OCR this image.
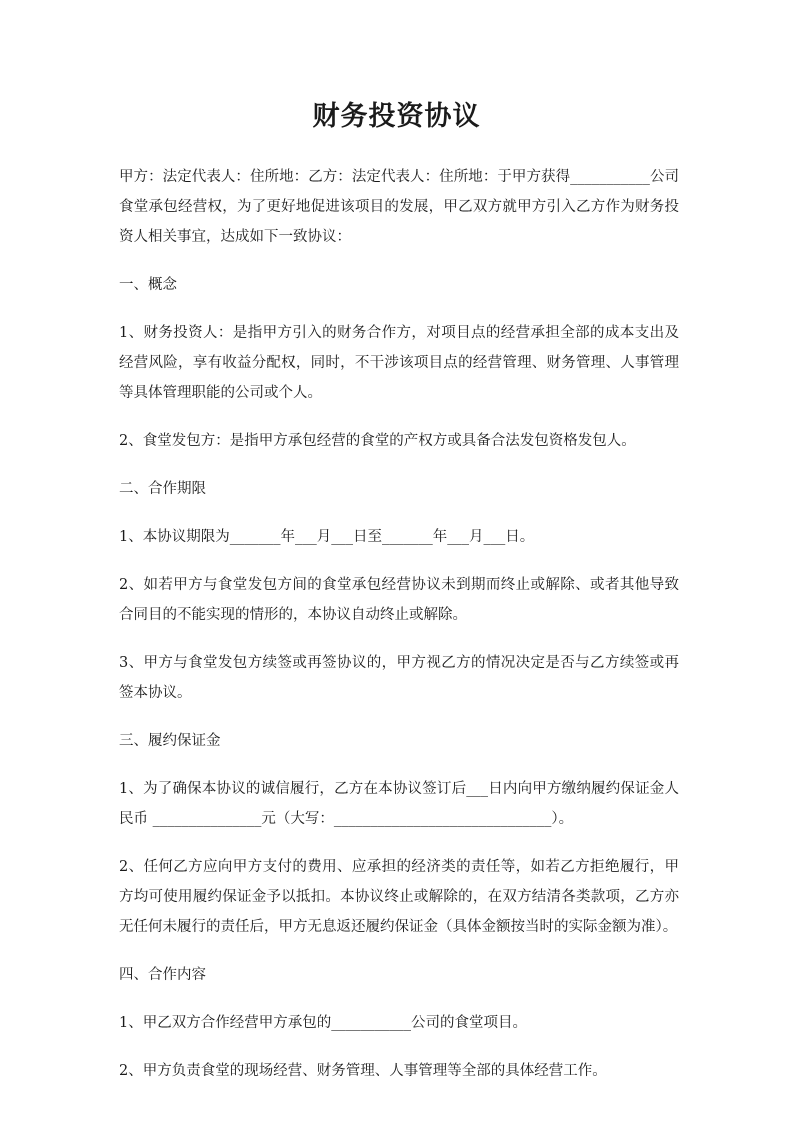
财务投资协议

甲方：法定代表人：住所地：乙方：法定代表人：住所地：于甲方获得___________公司食堂承包经营权，为了更好地促进该项目的发展，甲乙双方就甲方引入乙方作为财务投资人相关事宜，达成如下一致协议：

一、概念

1、财务投资人：是指甲方引入的财务合作方，对项目点的经营承担全部的成本支出及经营风险，享有收益分配权，同时，不干涉该项目点的经营管理、财务管理、人事管理等具体管理职能的公司或个人。

2、食堂发包方：是指甲方承包经营的食堂的产权方或具备合法发包资格发包人。

二、合作期限

1、本协议期限为_______年___月___日至_______年___月___日。

2、如若甲方与食堂发包方间的食堂承包经营协议未到期而终止或解除、或者其他导致合同目的不能实现的情形的，本协议自动终止或解除。

3、甲方与食堂发包方续签或再签协议的，甲方视乙方的情况决定是否与乙方续签或再签本协议。

三、履约保证金

1、为了确保本协议的诚信履行，乙方在本协议签订后___日内向甲方缴纳履约保证金人民币 _______________元（大写：______________________________）。

2、任何乙方应向甲方支付的费用、应承担的经济类的责任等，如若乙方拒绝履行，甲方均可使用履约保证金予以抵扣。本协议终止或解除的，在双方结清各类款项，乙方亦无任何未履行的责任后，甲方无息返还履约保证金（具体金额按当时的实际金额为准）。

四、合作内容

1、甲乙双方合作经营甲方承包的___________公司的食堂项目。

2、甲方负责食堂的现场经营、财务管理、人事管理等全部的具体经营工作。
